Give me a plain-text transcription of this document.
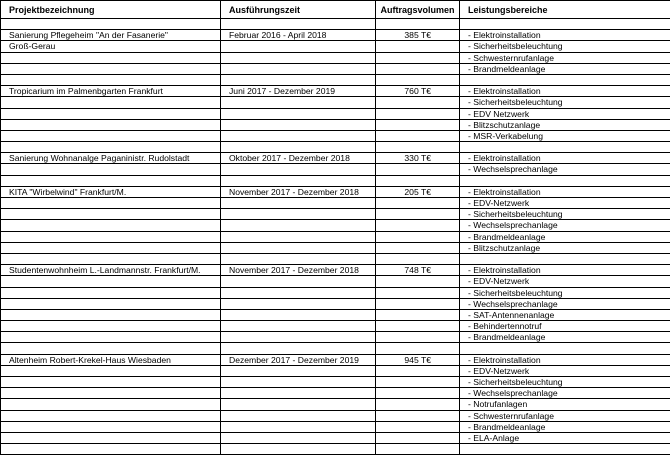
Projektbezeichnung	Ausführungszeit	Auftragsvolumen	Leistungsbereiche

Sanierung Pflegeheim "An der Fasanerie"	Februar 2016 - April 2018	385 T€	- Elektroinstallation
Groß-Gerau			- Sicherheitsbeleuchtung
			- Schwesternrufanlage
			- Brandmeldeanlage

Tropicarium im Palmenbgarten Frankfurt	Juni 2017 - Dezember 2019	760 T€	- Elektroinstallation
			- Sicherheitsbeleuchtung
			- EDV Netzwerk
			- Blitzschutzanlage
			- MSR-Verkabelung

Sanierung Wohnanalge Paganinistr. Rudolstadt	Oktober 2017 - Dezember 2018	330 T€	- Elektroinstallation
			- Wechselsprechanlage

KITA "Wirbelwind" Frankfurt/M.	November 2017 - Dezember 2018	205 T€	- Elektroinstallation
			- EDV-Netzwerk
			- Sicherheitsbeleuchtung
			- Wechselsprechanlage
			- Brandmeldeanlage
			- Blitzschutzanlage

Studentenwohnheim L.-Landmannstr. Frankfurt/M.	November 2017 - Dezember 2018	748 T€	- Elektroinstallation
			- EDV-Netzwerk
			- Sicherheitsbeleuchtung
			- Wechselsprechanlage
			- SAT-Antennenanlage
			- Behindertennotruf
			- Brandmeldeanlage

Altenheim Robert-Krekel-Haus Wiesbaden	Dezember 2017 - Dezember 2019	945 T€	- Elektroinstallation
			- EDV-Netzwerk
			- Sicherheitsbeleuchtung
			- Wechselsprechanlage
			- Notrufanlagen
			- Schwesternrufanlage
			- Brandmeldeanlage
			- ELA-Anlage
